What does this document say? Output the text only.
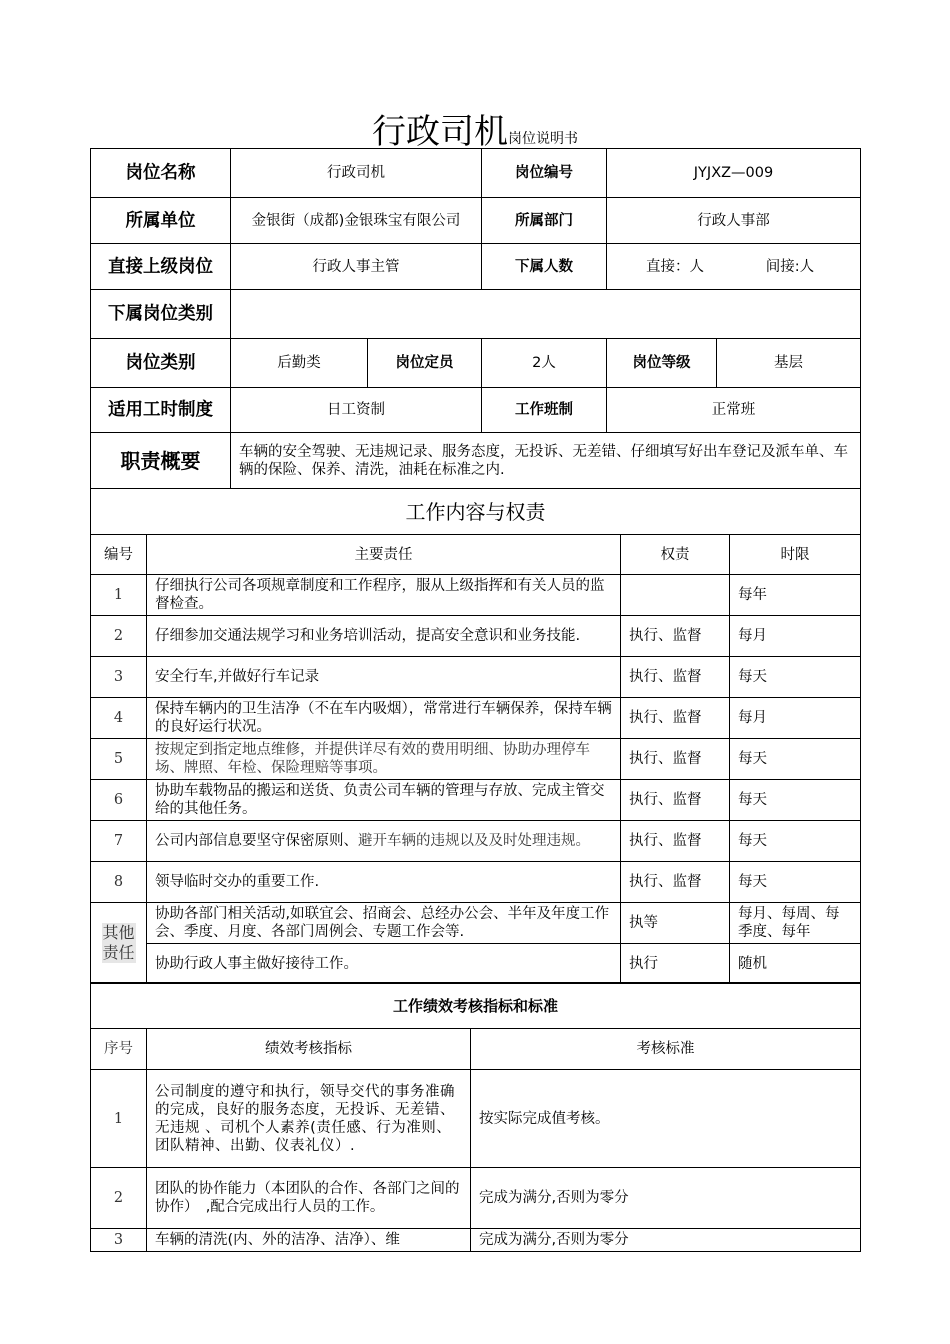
行政司机岗位说明书
岗位名称	行政司机		岗位编号	JYJXZ—009	
所属单位	金银街（成都)金银珠宝有限公司		所属部门	行政人事部	
直接上级岗位	行政人事主管		下属人数	直接：人 间接:人	
下属岗位类别					
岗位类别	后勤类	岗位定员	2人	岗位等级	基层
适用工时制度	日工资制		工作班制	正常班	
职责概要	车辆的安全驾驶、无违规记录、服务态度，无投诉、无差错、仔细填写好出车登记及派车单、车辆的保险、保养、清洗，油耗在标准之内.				
工作内容与权责			
编号	主要责任	权责	时限
1	仔细执行公司各项规章制度和工作程序，服从上级指挥和有关人员的监督检查。		每年
2	仔细参加交通法规学习和业务培训活动，提高安全意识和业务技能.	执行、监督	每月
3	安全行车,并做好行车记录	执行、监督	每天
4	保持车辆内的卫生洁净（不在车内吸烟），常常进行车辆保养，保持车辆的良好运行状况。	执行、监督	每月
5	按规定到指定地点维修，并提供详尽有效的费用明细、协助办理停车场、牌照、年检、保险理赔等事项。	执行、监督	每天
6	协助车载物品的搬运和送货、负责公司车辆的管理与存放、完成主管交给的其他任务。	执行、监督	每天
7	公司内部信息要坚守保密原则、避开车辆的违规以及及时处理违规。	执行、监督	每天
8	领导临时交办的重要工作.	执行、监督	每天
其他责任	协助各部门相关活动,如联宜会、招商会、总经办公会、半年及年度工作会、季度、月度、各部门周例会、专题工作会等.	执等	每月、每周、每季度、每年
	协助行政人事主做好接待工作。	执行	随机
工作绩效考核指标和标准		
序号	绩效考核指标	考核标准
1	公司制度的遵守和执行，领导交代的事务准确的完成，良好的服务态度，无投诉、无差错、无违规 、司机个人素养(责任感、行为准则、团队精神、出勤、仪表礼仪）.	按实际完成值考核。
2	团队的协作能力（本团队的合作、各部门之间的协作）　,配合完成出行人员的工作。	完成为满分,否则为零分
3	车辆的清洗(内、外的洁净、洁净）、维	完成为满分,否则为零分
